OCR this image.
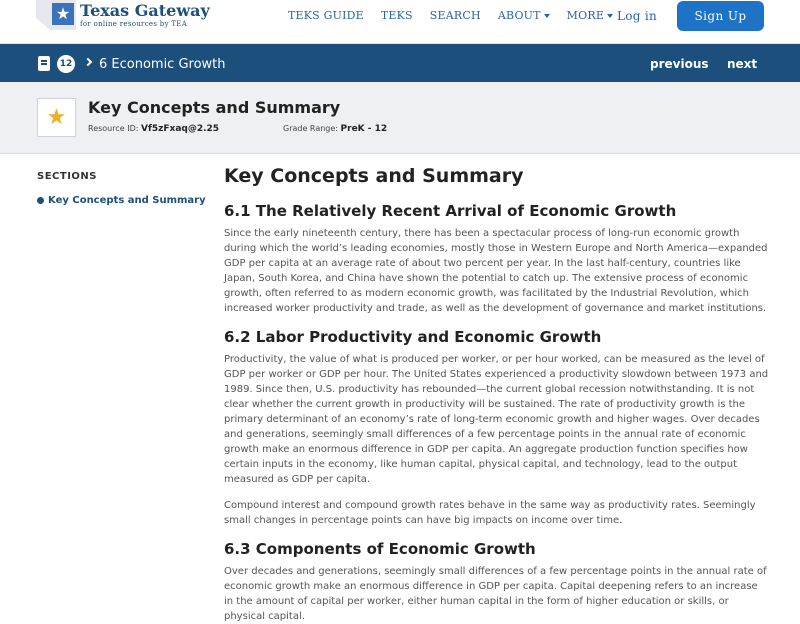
★ Texas Gateway
for online resources by TEA
TEKS GUIDE TEKS SEARCH ABOUT	MORE	Log in	Sign Up
12 6 Economic Growth	previous next
★	Key Concepts and Summary
Resource ID: Vf5zFxaq@2.25	Grade Range: PreK - 12
SECTIONS
Key Concepts and Summary
Key Concepts and Summary
6.1 The Relatively Recent Arrival of Economic Growth
Since the early nineteenth century, there has been a spectacular process of long-run economic growth during which the world’s leading economies, mostly those in Western Europe and North America—expanded GDP per capita at an average rate of about two percent per year. In the last half-century, countries like Japan, South Korea, and China have shown the potential to catch up. The extensive process of economic growth, often referred to as modern economic growth, was facilitated by the Industrial Revolution, which increased worker productivity and trade, as well as the development of governance and market institutions.
6.2 Labor Productivity and Economic Growth
Productivity, the value of what is produced per worker, or per hour worked, can be measured as the level of GDP per worker or GDP per hour. The United States experienced a productivity slowdown between 1973 and 1989. Since then, U.S. productivity has rebounded—the current global recession notwithstanding. It is not clear whether the current growth in productivity will be sustained. The rate of productivity growth is the primary determinant of an economy’s rate of long-term economic growth and higher wages. Over decades and generations, seemingly small differences of a few percentage points in the annual rate of economic growth make an enormous difference in GDP per capita. An aggregate production function specifies how certain inputs in the economy, like human capital, physical capital, and technology, lead to the output measured as GDP per capita.
Compound interest and compound growth rates behave in the same way as productivity rates. Seemingly small changes in percentage points can have big impacts on income over time.
6.3 Components of Economic Growth
Over decades and generations, seemingly small differences of a few percentage points in the annual rate of economic growth make an enormous difference in GDP per capita. Capital deepening refers to an increase in the amount of capital per worker, either human capital in the form of higher education or skills, or physical capital.
